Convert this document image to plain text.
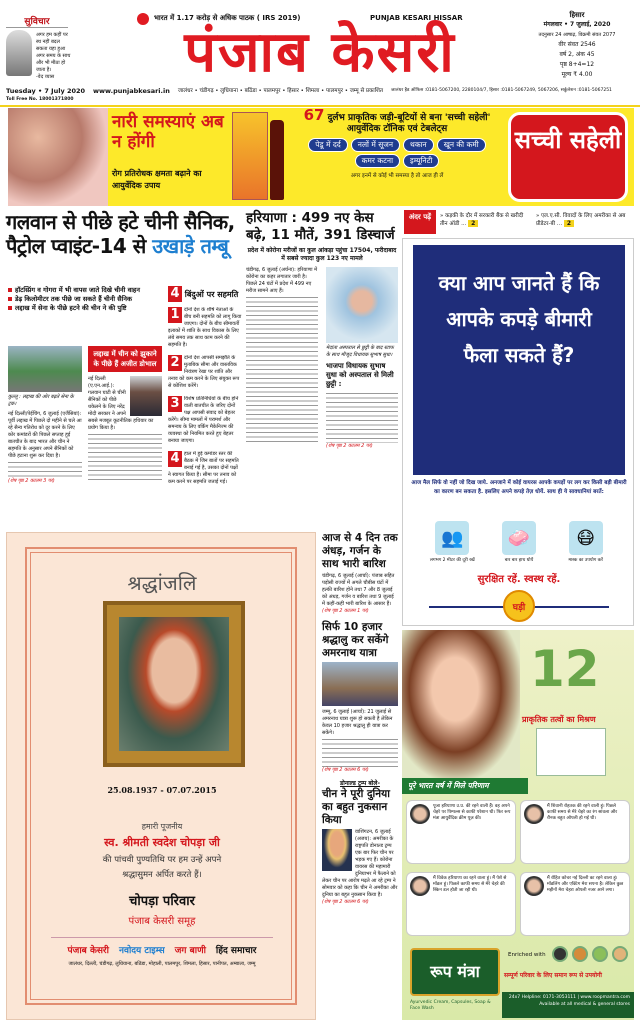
सुविचार
अगर हम कहीं पर स्थ नहीं बदल सकता यहा हुआ अगर समय के साथ और भी मीठा हो जाता है।
-वेद व्यास
भारत में 1.17 करोड़ से अधिक पाठक ( IRS 2019)	PUNJAB KESARI HISSAR
पंजाब केसरी
हिसार
मंगलवार • 7 जुलाई, 2020
तदनुसार 24 आषाढ़, विक्रमी संवत 2077
वीर संवत 2546
वर्ष 2, अंक 45
पृष्ठ 8+4=12
मूल्य ₹ 4.00
Tuesday • 7 July 2020 www.punjabkesari.in जालंधर • चंडीगढ़ • लुधियाना • बठिंडा • पालमपुर • हिसार • शिमला • पालमपुर • जम्मू से प्रकाशित जालंधर हैड ऑफिस :0181-5067200, 2280104/7, हिसार :0181-5067249, 5067206, सर्कुलेशन :0181-5067251
Toll Free No. 18001371800
नारी समस्याएं अब न होंगी
रोग प्रतिरोधक क्षमता बढ़ाने का आयुर्वेदिक उपाय
67 दुर्लभ प्राकृतिक जड़ी-बूटियों से बना 'सच्ची सहेली' आयुर्वेदिक टॉनिक एवं टेबलेट्स
पेडू में दर्द	नलों में सूजन	थकान	खून की कमी
कमर कटना	इम्यूनिटी
अगर इनमें से कोई भी समस्या है तो आज ही लें
सच्ची सहेली
गलवान से पीछे हटे चीनी सैनिक, पैट्रोल प्वाइंट-14 से उखाड़े तम्बू
हॉटस्प्रिंग व गोगरा में भी वापस जाते दिखे चीनी वाहन
डेढ़ किलोमीटर तक पीछे जा सकते हैं चीनी सैनिक
लद्दाख में सेना के पीछे हटने की चीन ने की पुष्टि
कुल्लू : लद्दाख की ओर बढ़ते सेना के ट्रक।
नई दिल्ली/पेईचिंग, 6 जुलाई (एजैंसियां): पूर्वी लद्दाख में पिछले दो महीने से चले आ रहे सैन्य गतिरोध को दूर करने के लिए कोर कमांडरों की पिछले सप्ताह हुई बातचीत के बाद भारत और चीन ने सहमति के अनुसार अपने सैनिकों को पीछे हटाना शुरू कर दिया है।
(शेष पृष्ठ 2 कालम 3 पर)
लद्दाख में चीन को झुकाने के पीछे हैं अजीत डोभाल
नई दिल्ली (ए.एन.आई.): गलवान घाटी से चीनी सैनिकों को पीछे धकेलने के लिए नरेंद्र मोदी सरकार ने अपने सबसे मजबूत कूटनीतिक हथियार का प्रयोग किया है।
4 बिंदुओं पर सहमति
1 दोनों देश के शीर्ष नेताओं के बीच बनी सहमति को लागू किया जाएगा। दोनों के बीच सीमावर्ती इलाकों में शांति के साथ विकास के लिए लंबे समय तक साथ काम करने की सहमति है।
2 दोनों देश आपसी समझौते के मुताबिक सीमा और वास्तविक नियंत्रण रेखा पर शांति और तनाव को कम करने के लिए संयुक्त रूप से कोशिश करेंगे।
3 विशेष प्रतिनिधियों के बीच होने वाली बातचीत के जरिए दोनों पक्ष आपसी संवाद को बेहतर करेंगे। सीमा मामलों में परामर्श और समन्वय के लिए वर्किंग मैकेनिज्म की व्यवस्था को नियमित करते हुए बेहतर बनाया जाएगा।
4 हाल में हुई कमांडर स्तर की बैठक में जिन बातों पर सहमति बनाई गई है, उसका दोनों पक्षों ने स्वागत किया है। सीमा पर तनाव को कम करने पर सहमति जताई गई।
हरियाणा : 499 नए केस बढ़े, 11 मौतें, 391 डिस्चार्ज
प्रदेश में कोरोना मरीजों का कुल आंकड़ा पहुंचा 17504, फरीदाबाद में सबसे ज्यादा कुल 123 नए मामले
चंडीगढ़, 6 जुलाई (अर्चना): हरियाणा में कोरोना का कहर लगातार जारी है। पिछले 24 घंटों में प्रदेश में 499 नए मरीज सामने आए हैं।
मेदांता अस्पताल से छुट्टी के बाद स्टाफ के साथ मौजूद विधायक सुभाष सुधा।
भाजपा विधायक सुभाष सुधा को अस्पताल से मिली छुट्टी :
(शेष पृष्ठ 2 कालम 2 पर)
आज से 4 दिन तक अंधड़, गर्जन के साथ भारी बारिश
चंडीगढ़, 6 जुलाई (आर्चा): पंजाब सहित पड़ोसी राज्यों में अगले चौबीस घंटों में हल्की बारिश होने तथा 7 और 8 जुलाई को अंधड़, गर्जन व बारिश तथा 9 जुलाई में कहीं-कहीं भारी बारिश के आसार हैं।
(शेष पृष्ठ 2 कालम 1 पर)
सिर्फ 10 हजार श्रद्धालु कर सकेंगे अमरनाथ यात्रा
जम्मू, 6 जुलाई (आर्चा): 21 जुलाई से अमरनाथ यात्रा शुरू हो सकती है लेकिन केवल 10 हजार श्रद्धालु ही यात्रा कर सकेंगे।
(शेष पृष्ठ 2 कालम 6 पर)
डोनाल्ड ट्रम्प बोले-
चीन ने पूरी दुनिया का बहुत नुकसान किया
वाशिंगटन, 6 जुलाई (अजय): अमरीका के राष्ट्रपति डोनाल्ड ट्रम्प एक बार फिर चीन पर भड़क गए हैं। कोरोना वायरस की महामारी दुनियाभर में फैलाने को लेकर चीन पर आरोप मढ़ते आ रहे ट्रम्प ने सोमवार को कहा कि चीन ने अमरीका और दुनिया का बहुत नुकसान किया है।
(शेष पृष्ठ 2 कालम 6 पर)
अंदर पढ़ें	» कड़की के दौर में सरकारी बैंक से खरीदी तीन ऑडी ... 2
» एल.ए.सी. विवादों के लिए अमरीका से अब प्रीडेटर-बी ... 2
क्या आप जानते हैं कि आपके कपड़े बीमारी फैला सकते हैं?
आज मैल सिर्फ वो नहीं जो दिख जाये. अनजाने में कोई वायरस आपके कपड़ों पर लग कर किसी बड़ी बीमारी का कारण बन सकता है. इसलिए अपने कपड़े तेज़ धोयें. साथ ही ये सावधानियां बरतें:
👥
लगभग 2 मीटर की दूरी रखें
🧼
बार बार हाथ धोयें
😷
मास्क का उपयोग करें
सुरक्षित रहें. स्वस्थ रहें.
घड़ी
12
प्राकृतिक तत्वों का मिश्रण
पूरे भारत वर्ष में मिले परिणाम
पूजा हरियाणा उ.प्र. की रहने वाली हैं। वह अपने चेहरे पर पिम्पल्स से काफी परेशान थी। फिर रूप मंत्रा आयुर्वेदिक क्रीम यूज़ की।
मैं शिवानी रोहतक की रहने वाली हूं। पिछले काफी समय से मेरे चेहरे का रंग सांवला और रौनक बहुत ओपली हो गई थी।
मैं विवेक हरियाणा का रहने वाला हूं। मैं पेशे से मॉडल हूं। पिछले काफी समय से मेरे चेहरे की स्किन डल होती जा रही थी।
मैं रोहित कोचर नई दिल्ली का रहने वाला हूं। मॉडलिंग और एक्टिंग मेरा सपना है। लेकिन कुछ महीनों मेरा चेहरा ओपली नजर आने लगा।
रूप मंत्रा
Enriched with
सम्पूर्ण परिवार के लिए समान रूप से उपयोगी
24x7 Helpline: 0171-3053111 | www.roopmantra.com
Available at all medical & general stores
Ayurvedic Cream, Capsules, Soap & Face Wash
श्रद्धांजलि
25.08.1937 - 07.07.2015
हमारी पूजनीय
स्व. श्रीमती स्वदेश चोपड़ा जी
की पांचवी पुण्यतिथि पर हम उन्हें अपने
श्रद्धासुमन अर्पित करते हैं।
चोपड़ा परिवार
पंजाब केसरी समूह
पंजाब केसरी नवोदय टाइम्स जग बाणी हिंद समाचार
जालंधर, दिल्ली, चंडीगढ़, लुधियाना, बठिंडा, मोहाली, पालमपुर, शिमला, हिसार, पानीपत, अम्बाला, जम्मू
